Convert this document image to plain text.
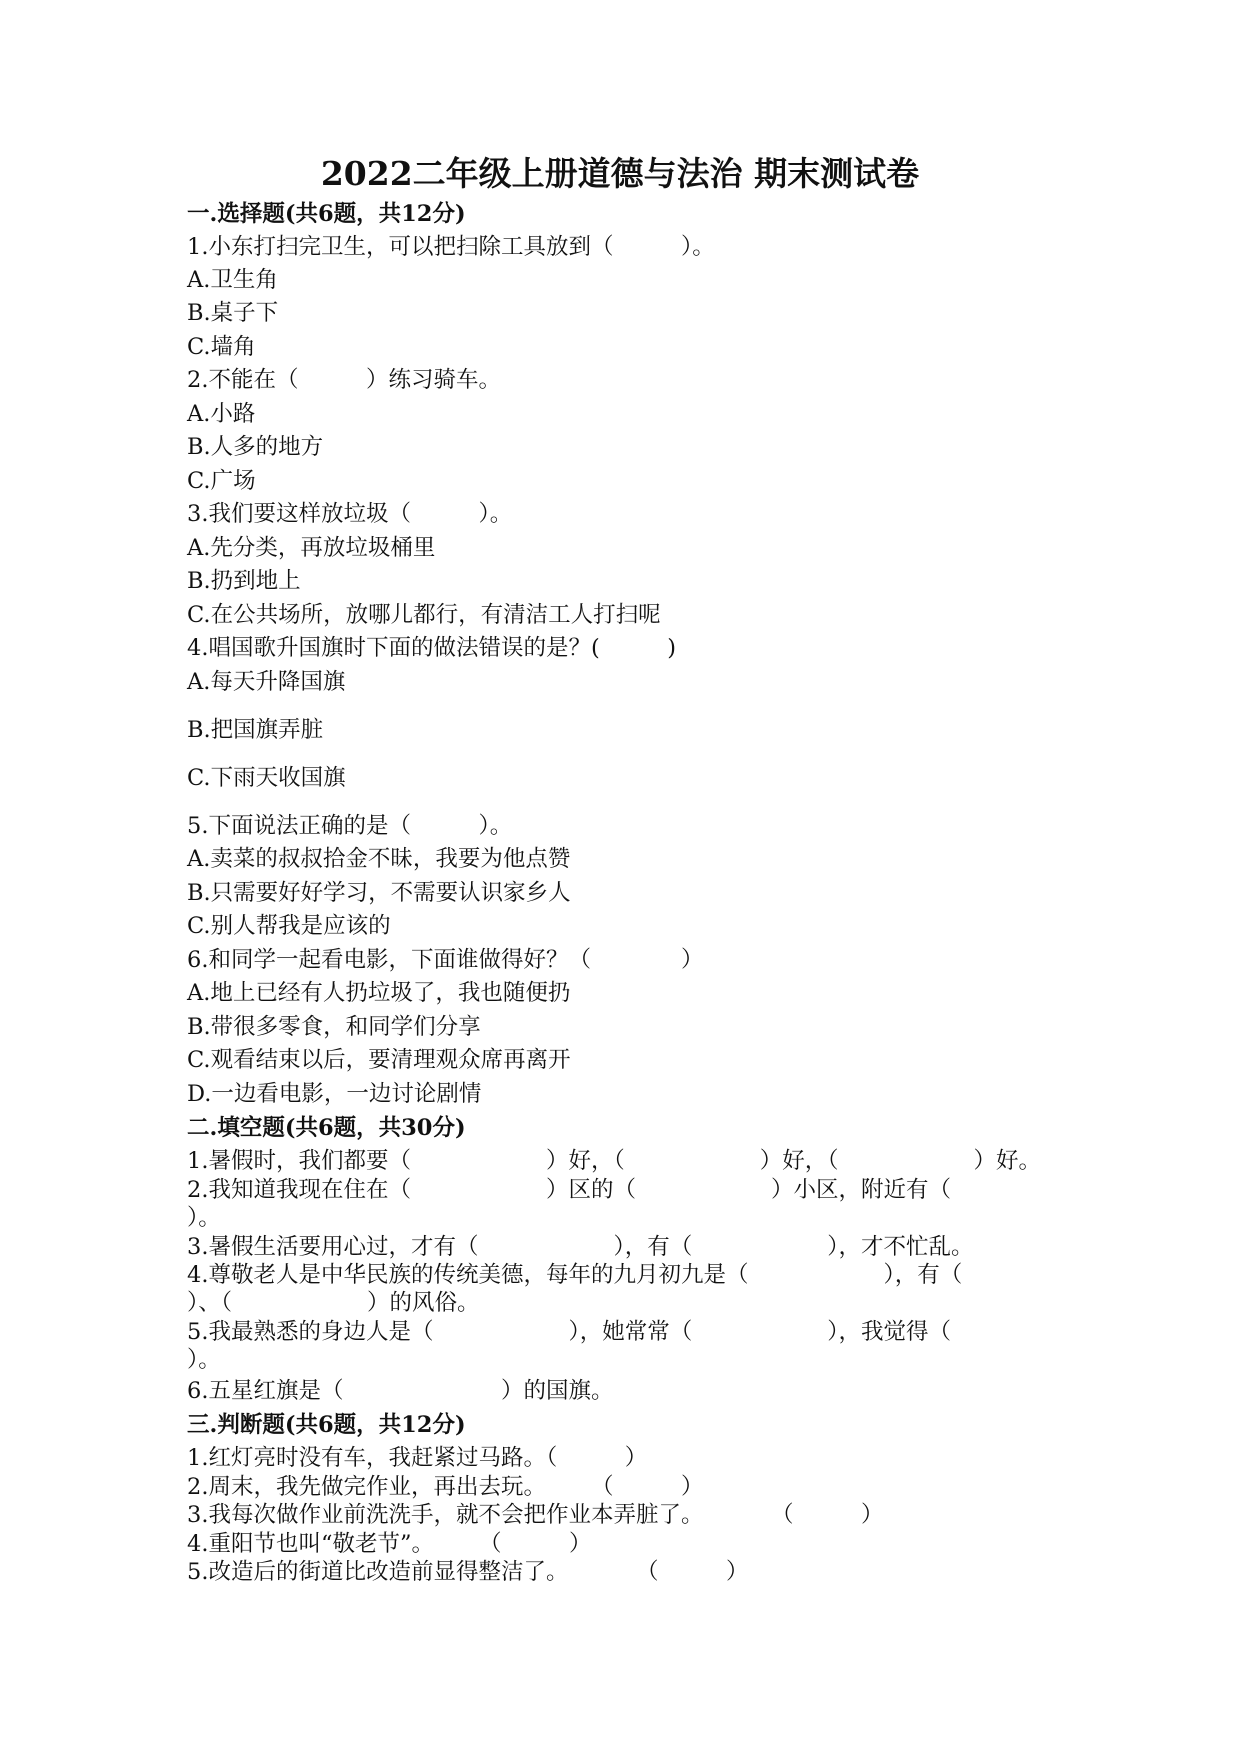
2022二年级上册道德与法治 期末测试卷
一.选择题(共6题，共12分)
1.小东打扫完卫生，可以把扫除工具放到（　　　）。
A.卫生角
B.桌子下
C.墙角
2.不能在（　　　）练习骑车。
A.小路
B.人多的地方
C.广场
3.我们要这样放垃圾（　　　）。
A.先分类，再放垃圾桶里
B.扔到地上
C.在公共场所，放哪儿都行，有清洁工人打扫呢
4.唱国歌升国旗时下面的做法错误的是？(　　　)
A.每天升降国旗
B.把国旗弄脏
C.下雨天收国旗
5.下面说法正确的是（　　　）。
A.卖菜的叔叔拾金不昧，我要为他点赞
B.只需要好好学习，不需要认识家乡人
C.别人帮我是应该的
6.和同学一起看电影，下面谁做得好？（　　　　）
A.地上已经有人扔垃圾了，我也随便扔
B.带很多零食，和同学们分享
C.观看结束以后，要清理观众席再离开
D.一边看电影，一边讨论剧情
二.填空题(共6题，共30分)
1.暑假时，我们都要（　　　　　　）好，（　　　　　　）好，（　　　　　　）好。
2.我知道我现在住在（　　　　　　）区的（　　　　　　）小区，附近有（
）。
3.暑假生活要用心过，才有（　　　　　　），有（　　　　　　），才不忙乱。
4.尊敬老人是中华民族的传统美德，每年的九月初九是（　　　　　　），有（
）、（　　　　　　）的风俗。
5.我最熟悉的身边人是（　　　　　　），她常常（　　　　　　），我觉得（
）。
6.五星红旗是（　　　　　　　）的国旗。
三.判断题(共6题，共12分)
1.红灯亮时没有车，我赶紧过马路。（　　　）
2.周末，我先做完作业，再出去玩。　　　（　　　）
3.我每次做作业前洗洗手，就不会把作业本弄脏了。　　　　（　　　）
4.重阳节也叫“敬老节”。　　　（　　　）
5.改造后的街道比改造前显得整洁了。　　　　（　　　）
